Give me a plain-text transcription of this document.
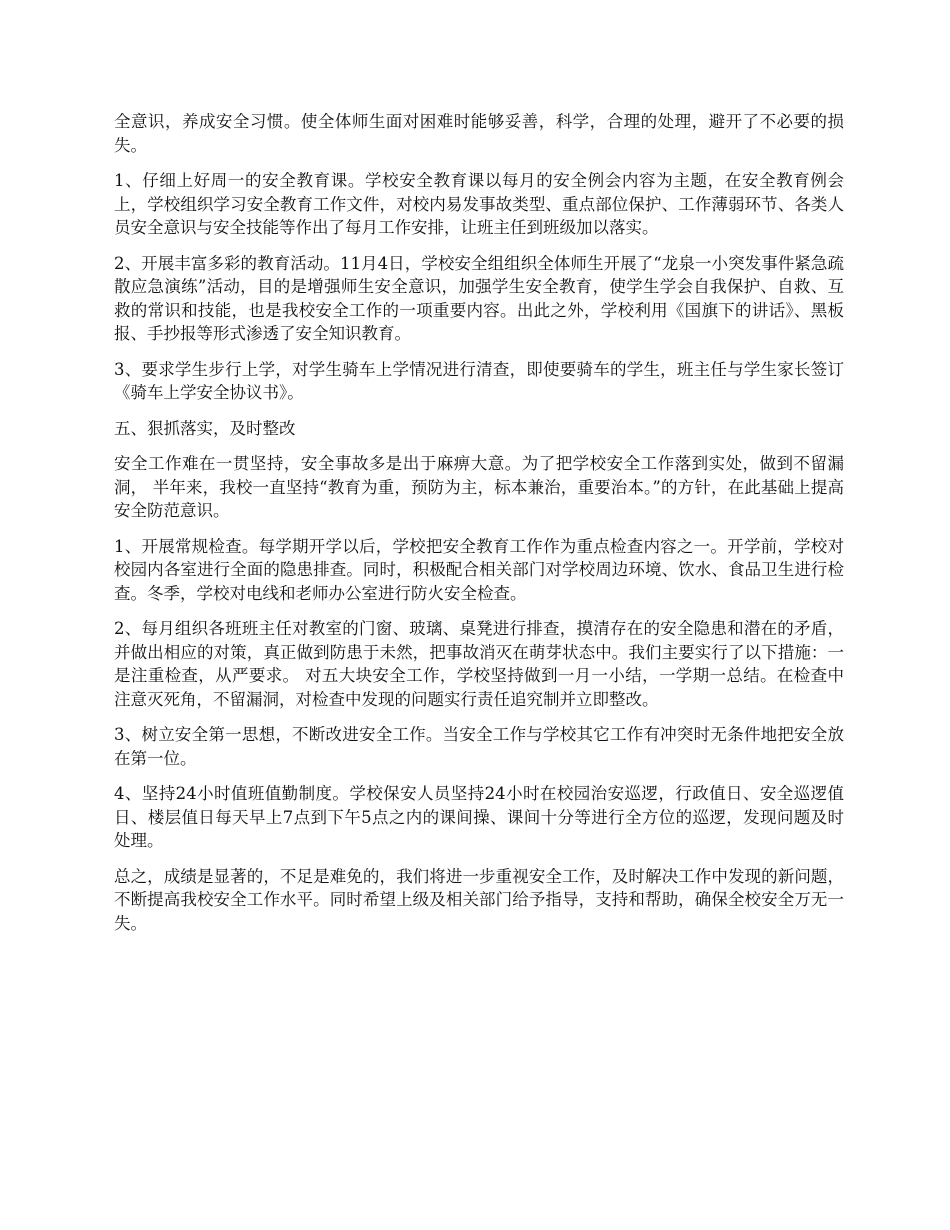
全意识，养成安全习惯。使全体师生面对困难时能够妥善，科学，合理的处理，避开了不必要的损失。

1、仔细上好周一的安全教育课。学校安全教育课以每月的安全例会内容为主题，在安全教育例会上，学校组织学习安全教育工作文件，对校内易发事故类型、重点部位保护、工作薄弱环节、各类人员安全意识与安全技能等作出了每月工作安排，让班主任到班级加以落实。

2、开展丰富多彩的教育活动。11月4日，学校安全组组织全体师生开展了“龙泉一小突发事件紧急疏散应急演练”活动，目的是增强师生安全意识，加强学生安全教育，使学生学会自我保护、自救、互救的常识和技能，也是我校安全工作的一项重要内容。出此之外，学校利用《国旗下的讲话》、黑板报、手抄报等形式渗透了安全知识教育。

3、要求学生步行上学，对学生骑车上学情况进行清查，即使要骑车的学生，班主任与学生家长签订《骑车上学安全协议书》。

五、狠抓落实，及时整改

安全工作难在一贯坚持，安全事故多是出于麻痹大意。为了把学校安全工作落到实处，做到不留漏洞， 半年来，我校一直坚持“教育为重，预防为主，标本兼治，重要治本。”的方针，在此基础上提高安全防范意识。

1、开展常规检查。每学期开学以后，学校把安全教育工作作为重点检查内容之一。开学前，学校对校园内各室进行全面的隐患排查。同时，积极配合相关部门对学校周边环境、饮水、食品卫生进行检查。冬季，学校对电线和老师办公室进行防火安全检查。

2、每月组织各班班主任对教室的门窗、玻璃、桌凳进行排查，摸清存在的安全隐患和潜在的矛盾，并做出相应的对策，真正做到防患于未然，把事故消灭在萌芽状态中。我们主要实行了以下措施：一是注重检查，从严要求。 对五大块安全工作，学校坚持做到一月一小结，一学期一总结。在检查中注意灭死角，不留漏洞，对检查中发现的问题实行责任追究制并立即整改。

3、树立安全第一思想，不断改进安全工作。当安全工作与学校其它工作有冲突时无条件地把安全放在第一位。

4、坚持24小时值班值勤制度。学校保安人员坚持24小时在校园治安巡逻，行政值日、安全巡逻值日、楼层值日每天早上7点到下午5点之内的课间操、课间十分等进行全方位的巡逻，发现问题及时处理。

总之，成绩是显著的，不足是难免的，我们将进一步重视安全工作，及时解决工作中发现的新问题，不断提高我校安全工作水平。同时希望上级及相关部门给予指导，支持和帮助，确保全校安全万无一失。
